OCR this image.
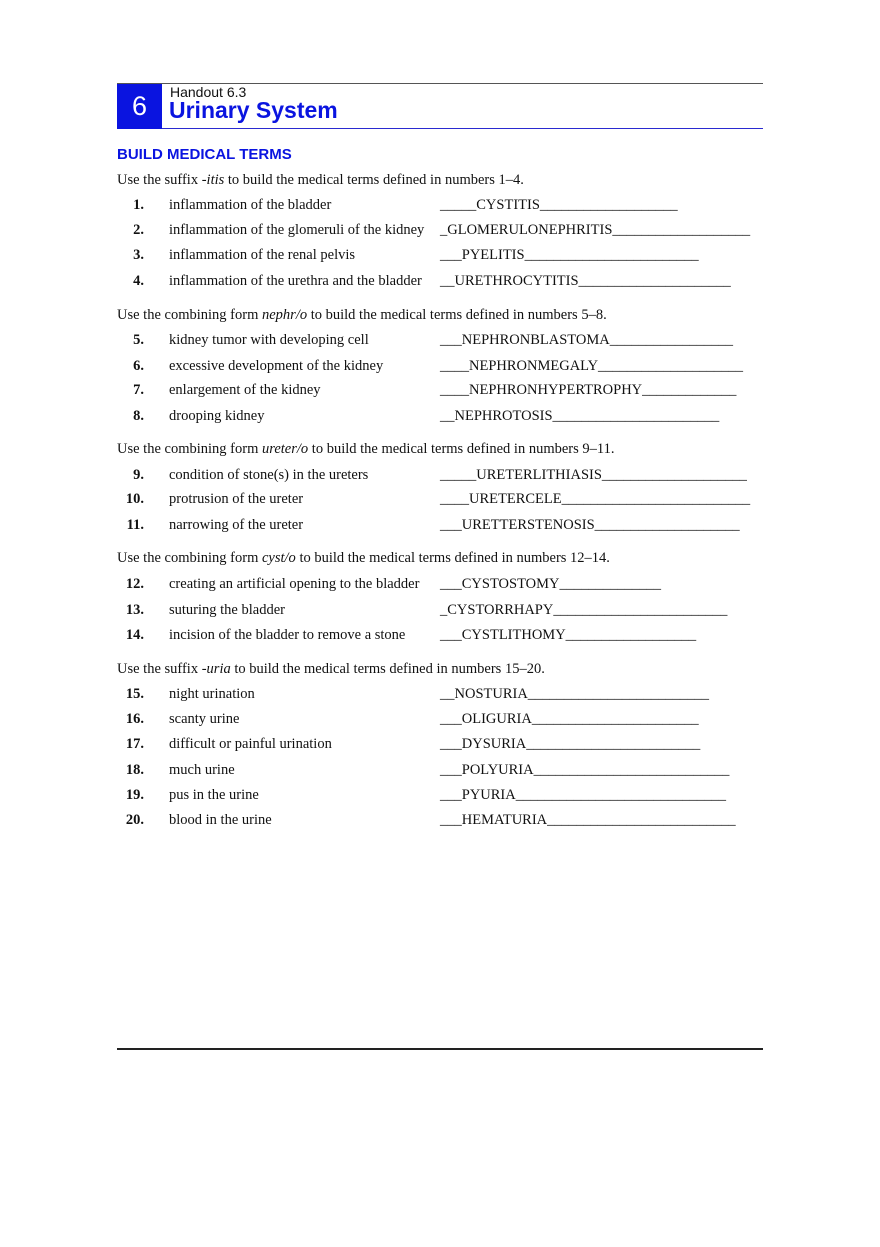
6	Handout 6.3
Urinary System
BUILD MEDICAL TERMS
Use the suffix -itis to build the medical terms defined in numbers 1–4.
1. inflammation of the bladder	_____CYSTITIS___________________
2. inflammation of the glomeruli of the kidney _GLOMERULONEPHRITIS___________________
3. inflammation of the renal pelvis	___PYELITIS________________________
4. inflammation of the urethra and the bladder __URETHROCYTITIS_____________________
Use the combining form nephr/o to build the medical terms defined in numbers 5–8.
5. kidney tumor with developing cell	___NEPHRONBLASTOMA_________________
6. excessive development of the kidney	____NEPHRONMEGALY____________________
7. enlargement of the kidney	____NEPHRONHYPERTROPHY_____________
8. drooping kidney	__NEPHROTOSIS_______________________
Use the combining form ureter/o to build the medical terms defined in numbers 9–11.
9. condition of stone(s) in the ureters	_____URETERLITHIASIS____________________
10. protrusion of the ureter	____URETERCELE__________________________
11. narrowing of the ureter	___URETTERSTENOSIS____________________
Use the combining form cyst/o to build the medical terms defined in numbers 12–14.
12. creating an artificial opening to the bladder ___CYSTOSTOMY______________
13. suturing the bladder	_CYSTORRHAPY________________________
14. incision of the bladder to remove a stone ___CYSTLITHOMY__________________
Use the suffix -uria to build the medical terms defined in numbers 15–20.
15. night urination	__NOSTURIA_________________________
16. scanty urine	___OLIGURIA_______________________
17. difficult or painful urination	___DYSURIA________________________
18. much urine	___POLYURIA___________________________
19. pus in the urine	___PYURIA_____________________________
20. blood in the urine	___HEMATURIA__________________________
